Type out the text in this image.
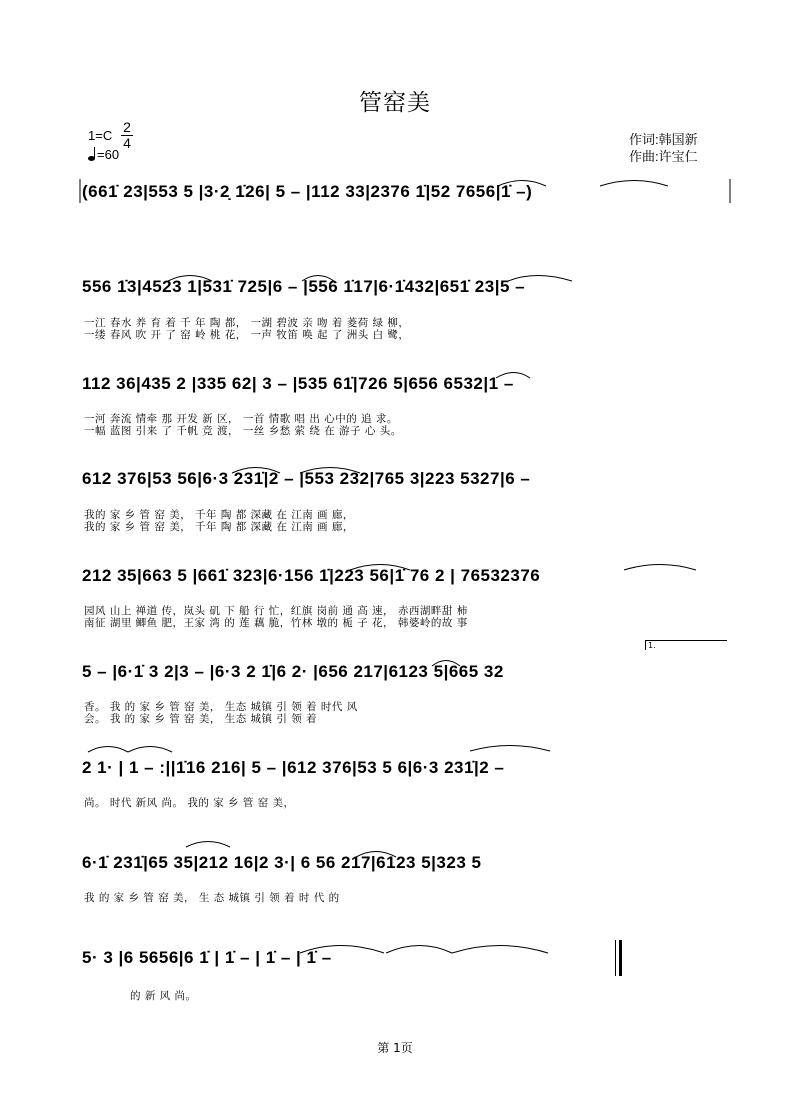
管窑美
1=C
2
4
=60
作词:韩国新
作曲:许宝仁
(661̇ 23|553 5 |3·2̣ 1̇26| 5 – |112 33|2376 1̇|52 7656|1̇ –)
556 1̇3|4523 1|531̇ 725|6 – |556 1̇17|6·1̇432|651̇ 23|5 –
一江 春水 养 育 着 千 年 陶 都， 一湖 碧波 亲 吻 着 菱荷 绿 柳，
一缕 春风 吹 开 了 窑 岭 桃 花， 一声 牧笛 唤 起 了 洲头 白 鹭，
112 36|435 2 |335 62| 3 – |535 61̇|726 5|656 6532|1 –
一河 奔流 情牵 那 开发 新 区， 一首 情歌 唱 出 心中的 追 求。
一幅 蓝图 引来 了 千帆 竞 渡， 一丝 乡愁 萦 绕 在 游子 心 头。
612 376|53 56|6·3 231̇|2 – |553 232|765 3|223 5327|6 –
我的 家 乡 管 窑 美， 千年 陶 都 深藏 在 江南 画 廊，
我的 家 乡 管 窑 美， 千年 陶 都 深藏 在 江南 画 廊，
212 35|663 5 |661̇ 323|6·156 1̇|223 56|1̇ 76 2 | 76532376
园风 山上 禅道 传，岚头 矶 下 船 行 忙，红旗 岗前 通 高 速， 赤西湖畔甜 柿
南征 湖里 鲫鱼 肥，王家 湾 的 莲 藕 脆，竹林 墩的 栀 子 花， 韩婆岭的故 事
1.
5 – |6·1̇ 3 2|3 – |6·3 2 1̇|6 2· |656 217|6123 5|665 32
香。 我 的 家 乡 管 窑 美， 生态 城镇 引 领 着 时代 风
会。 我 的 家 乡 管 窑 美， 生态 城镇 引 领 着
2 1· | 1 – :||1̇16 216| 5 – |612 376|53 5 6|6·3 231̇|2 –
尚。 时代 新风 尚。 我的 家 乡 管 窑 美，
6·1̇ 231̇|65 35|212 16|2 3·| 6 56 217|6123 5|323 5
我 的 家 乡 管 窑 美， 生 态 城镇 引 领 着 时 代 的
5· 3 |6 5656|6 1̇ | 1̇ – | 1̇ – | 1̇ –
的 新 风 尚。
第 1页
